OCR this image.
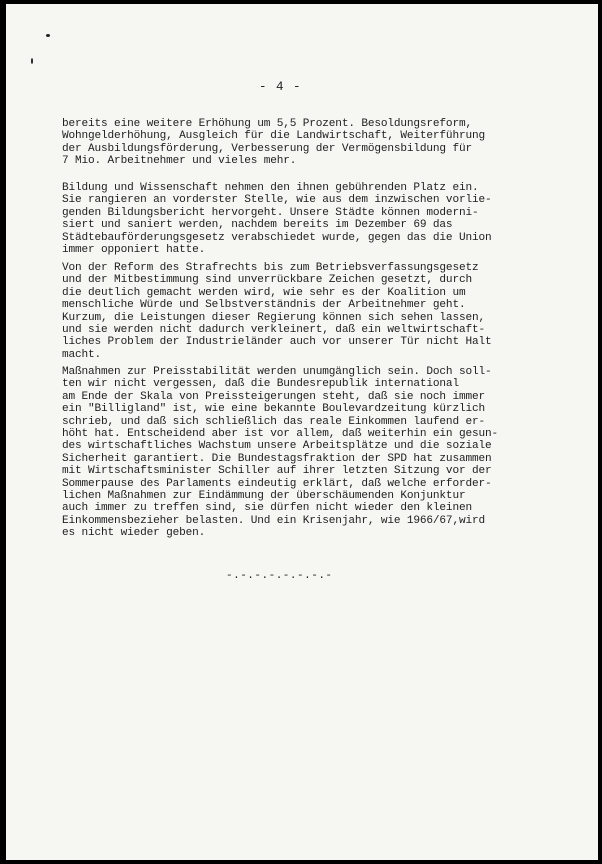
- 4 -
bereits eine weitere Erhöhung um 5,5 Prozent. Besoldungsreform,
Wohngelderhöhung, Ausgleich für die Landwirtschaft, Weiterführung
der Ausbildungsförderung, Verbesserung der Vermögensbildung für
7 Mio. Arbeitnehmer und vieles mehr.
Bildung und Wissenschaft nehmen den ihnen gebührenden Platz ein.
Sie rangieren an vorderster Stelle, wie aus dem inzwischen vorlie-
genden Bildungsbericht hervorgeht. Unsere Städte können moderni-
siert und saniert werden, nachdem bereits im Dezember 69 das
Städtebauförderungsgesetz verabschiedet wurde, gegen das die Union
immer opponiert hatte.
Von der Reform des Strafrechts bis zum Betriebsverfassungsgesetz
und der Mitbestimmung sind unverrückbare Zeichen gesetzt, durch
die deutlich gemacht werden wird, wie sehr es der Koalition um
menschliche Würde und Selbstverständnis der Arbeitnehmer geht.
Kurzum, die Leistungen dieser Regierung können sich sehen lassen,
und sie werden nicht dadurch verkleinert, daß ein weltwirtschaft-
liches Problem der Industrieländer auch vor unserer Tür nicht Halt
macht.
Maßnahmen zur Preisstabilität werden unumgänglich sein. Doch soll-
ten wir nicht vergessen, daß die Bundesrepublik international
am Ende der Skala von Preissteigerungen steht, daß sie noch immer
ein "Billigland" ist, wie eine bekannte Boulevardzeitung kürzlich
schrieb, und daß sich schließlich das reale Einkommen laufend er-
höht hat. Entscheidend aber ist vor allem, daß weiterhin ein gesun-
des wirtschaftliches Wachstum unsere Arbeitsplätze und die soziale
Sicherheit garantiert. Die Bundestagsfraktion der SPD hat zusammen
mit Wirtschaftsminister Schiller auf ihrer letzten Sitzung vor der
Sommerpause des Parlaments eindeutig erklärt, daß welche erforder-
lichen Maßnahmen zur Eindämmung der überschäumenden Konjunktur
auch immer zu treffen sind, sie dürfen nicht wieder den kleinen
Einkommensbezieher belasten. Und ein Krisenjahr, wie 1966/67,wird
es nicht wieder geben.
-.-.-.-.-.-.-.-
